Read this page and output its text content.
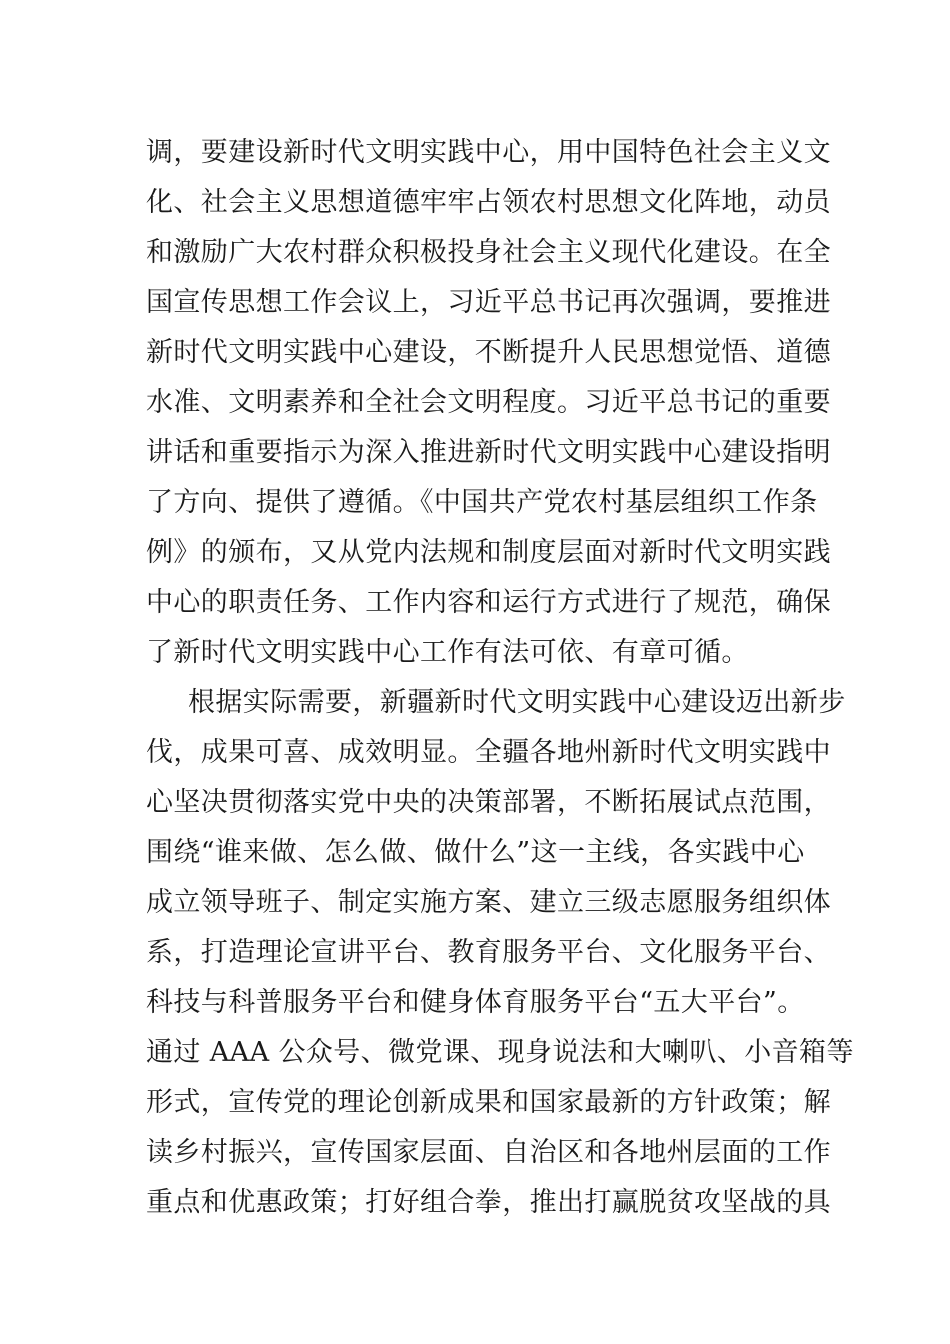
调，要建设新时代文明实践中心，用中国特色社会主义文
化、社会主义思想道德牢牢占领农村思想文化阵地，动员
和激励广大农村群众积极投身社会主义现代化建设。在全
国宣传思想工作会议上，习近平总书记再次强调，要推进
新时代文明实践中心建设，不断提升人民思想觉悟、道德
水准、文明素养和全社会文明程度。习近平总书记的重要
讲话和重要指示为深入推进新时代文明实践中心建设指明
了方向、提供了遵循。《中国共产党农村基层组织工作条
例》的颁布，又从党内法规和制度层面对新时代文明实践
中心的职责任务、工作内容和运行方式进行了规范，确保
了新时代文明实践中心工作有法可依、有章可循。
根据实际需要，新疆新时代文明实践中心建设迈出新步
伐，成果可喜、成效明显。全疆各地州新时代文明实践中
心坚决贯彻落实党中央的决策部署，不断拓展试点范围，
围绕“谁来做、怎么做、做什么”这一主线，各实践中心
成立领导班子、制定实施方案、建立三级志愿服务组织体
系，打造理论宣讲平台、教育服务平台、文化服务平台、
科技与科普服务平台和健身体育服务平台“五大平台”。
通过 AAA 公众号、微党课、现身说法和大喇叭、小音箱等
形式，宣传党的理论创新成果和国家最新的方针政策；解
读乡村振兴，宣传国家层面、自治区和各地州层面的工作
重点和优惠政策；打好组合拳，推出打赢脱贫攻坚战的具
